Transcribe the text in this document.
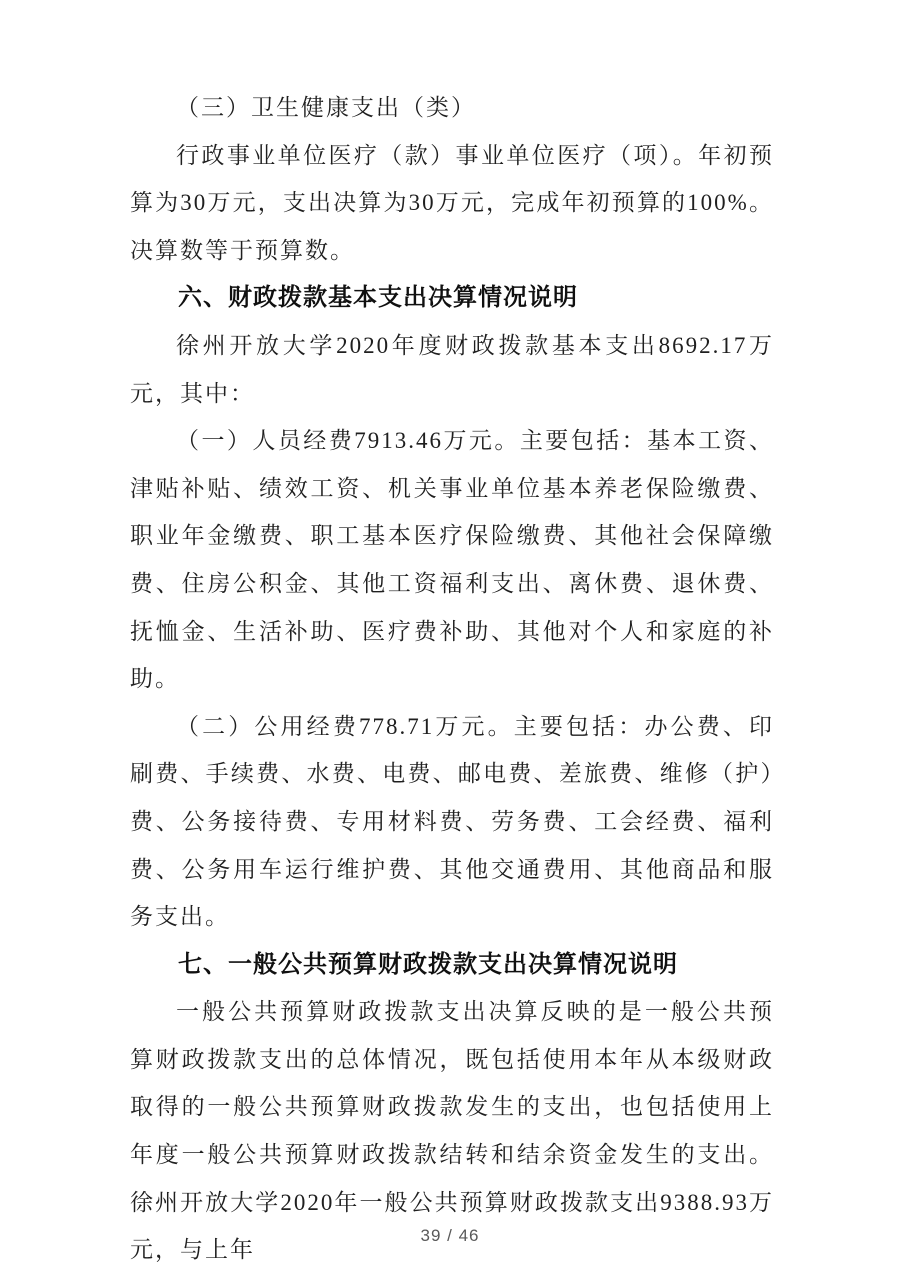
（三）卫生健康支出（类）

行政事业单位医疗（款）事业单位医疗（项）。年初预算为30万元，支出决算为30万元，完成年初预算的100%。决算数等于预算数。

六、财政拨款基本支出决算情况说明

徐州开放大学2020年度财政拨款基本支出8692.17万元，其中：

（一）人员经费7913.46万元。主要包括：基本工资、津贴补贴、绩效工资、机关事业单位基本养老保险缴费、职业年金缴费、职工基本医疗保险缴费、其他社会保障缴费、住房公积金、其他工资福利支出、离休费、退休费、抚恤金、生活补助、医疗费补助、其他对个人和家庭的补助。

（二）公用经费778.71万元。主要包括：办公费、印刷费、手续费、水费、电费、邮电费、差旅费、维修（护）费、公务接待费、专用材料费、劳务费、工会经费、福利费、公务用车运行维护费、其他交通费用、其他商品和服务支出。

七、一般公共预算财政拨款支出决算情况说明

一般公共预算财政拨款支出决算反映的是一般公共预算财政拨款支出的总体情况，既包括使用本年从本级财政取得的一般公共预算财政拨款发生的支出，也包括使用上年度一般公共预算财政拨款结转和结余资金发生的支出。徐州开放大学2020年一般公共预算财政拨款支出9388.93万元，与上年

39 / 46
